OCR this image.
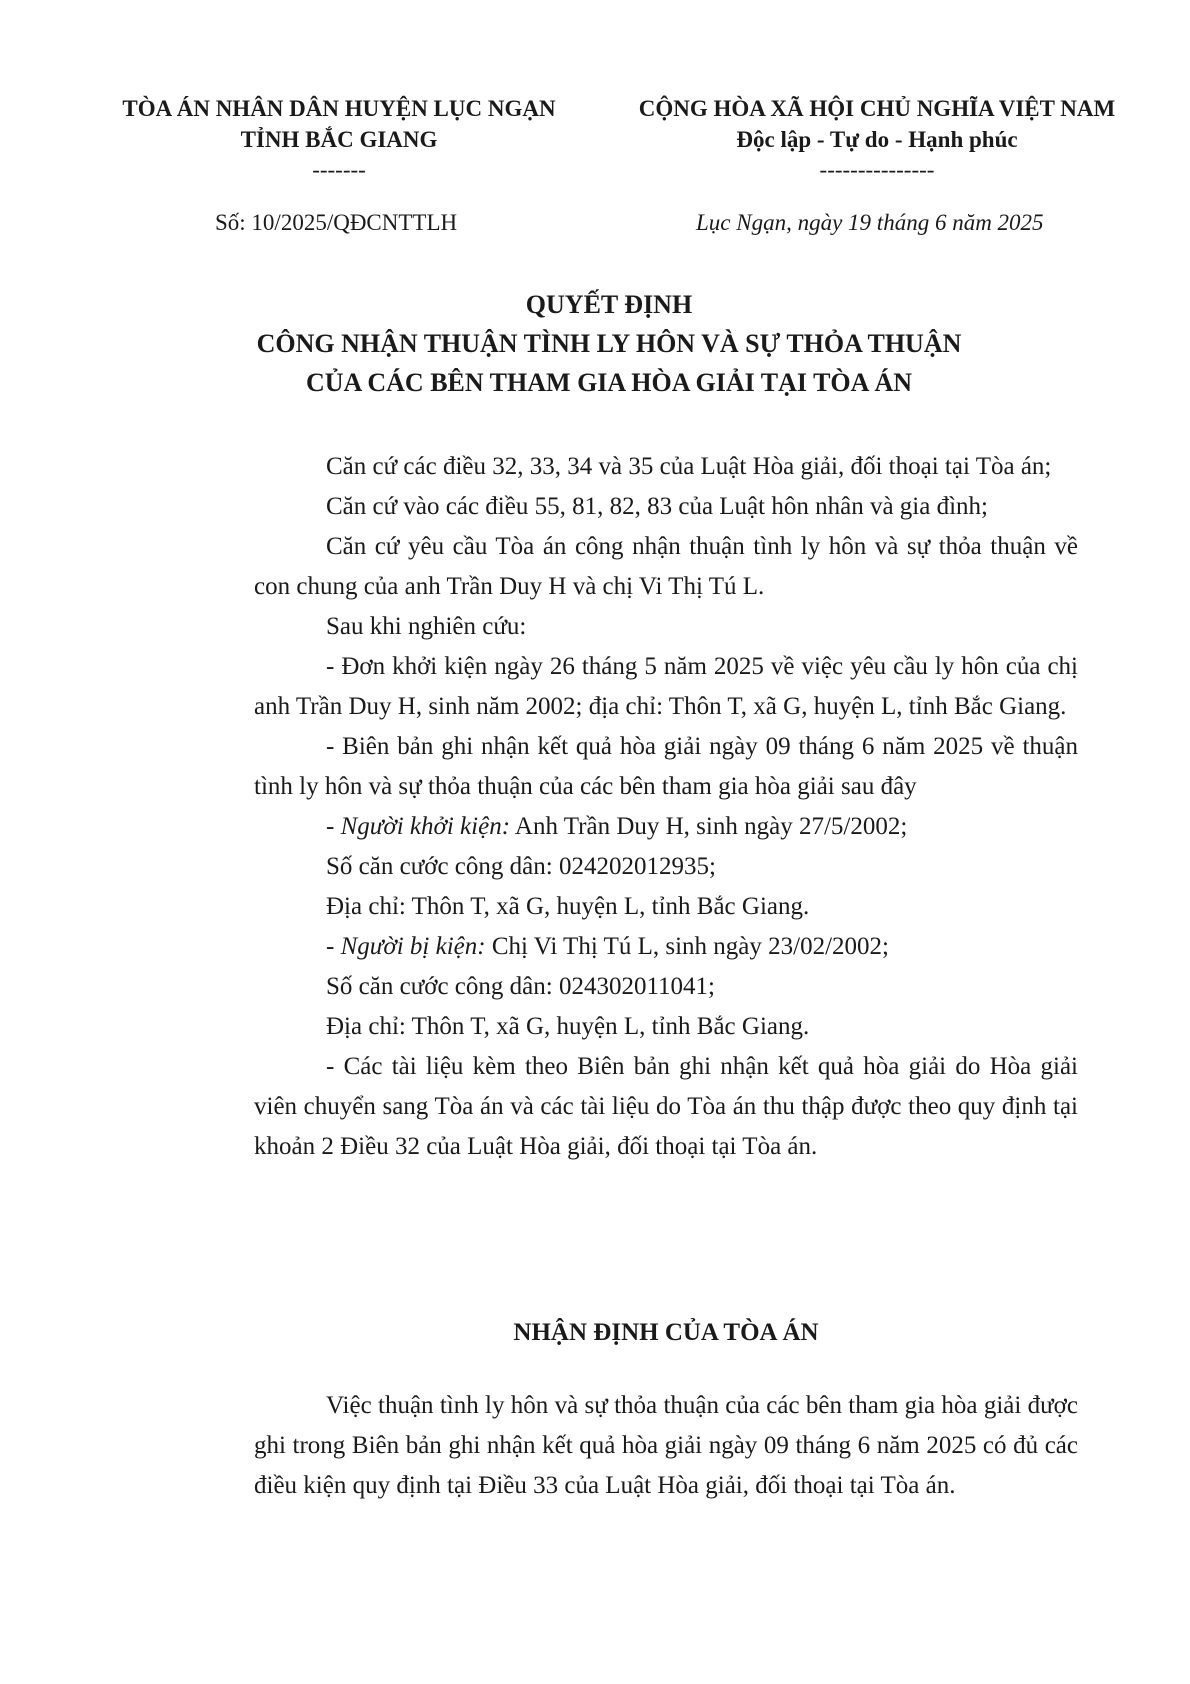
TÒA ÁN NHÂN DÂN HUYỆN LỤC NGẠN
TỈNH BẮC GIANG
-------
CỘNG HÒA XÃ HỘI CHỦ NGHĨA VIỆT NAM
Độc lập - Tự do - Hạnh phúc
---------------
Số: 10/2025/QĐCNTTLH	Lục Ngạn, ngày 19 tháng 6 năm 2025
QUYẾT ĐỊNH
CÔNG NHẬN THUẬN TÌNH LY HÔN VÀ SỰ THỎA THUẬN
CỦA CÁC BÊN THAM GIA HÒA GIẢI TẠI TÒA ÁN

Căn cứ các điều 32, 33, 34 và 35 của Luật Hòa giải, đối thoại tại Tòa án;

Căn cứ vào các điều 55, 81, 82, 83 của Luật hôn nhân và gia đình;

Căn cứ yêu cầu Tòa án công nhận thuận tình ly hôn và sự thỏa thuận về con chung của anh Trần Duy H và chị Vi Thị Tú L.

Sau khi nghiên cứu:

- Đơn khởi kiện ngày 26 tháng 5 năm 2025 về việc yêu cầu ly hôn của chị anh Trần Duy H, sinh năm 2002; địa chỉ: Thôn T, xã G, huyện L, tỉnh Bắc Giang.

- Biên bản ghi nhận kết quả hòa giải ngày 09 tháng 6 năm 2025 về thuận tình ly hôn và sự thỏa thuận của các bên tham gia hòa giải sau đây

- Người khởi kiện: Anh Trần Duy H, sinh ngày 27/5/2002;

Số căn cước công dân: 024202012935;

Địa chỉ: Thôn T, xã G, huyện L, tỉnh Bắc Giang.

- Người bị kiện: Chị Vi Thị Tú L, sinh ngày 23/02/2002;

Số căn cước công dân: 024302011041;

Địa chỉ: Thôn T, xã G, huyện L, tỉnh Bắc Giang.

- Các tài liệu kèm theo Biên bản ghi nhận kết quả hòa giải do Hòa giải viên chuyển sang Tòa án và các tài liệu do Tòa án thu thập được theo quy định tại khoản 2 Điều 32 của Luật Hòa giải, đối thoại tại Tòa án.

NHẬN ĐỊNH CỦA TÒA ÁN

Việc thuận tình ly hôn và sự thỏa thuận của các bên tham gia hòa giải được ghi trong Biên bản ghi nhận kết quả hòa giải ngày 09 tháng 6 năm 2025 có đủ các điều kiện quy định tại Điều 33 của Luật Hòa giải, đối thoại tại Tòa án.
